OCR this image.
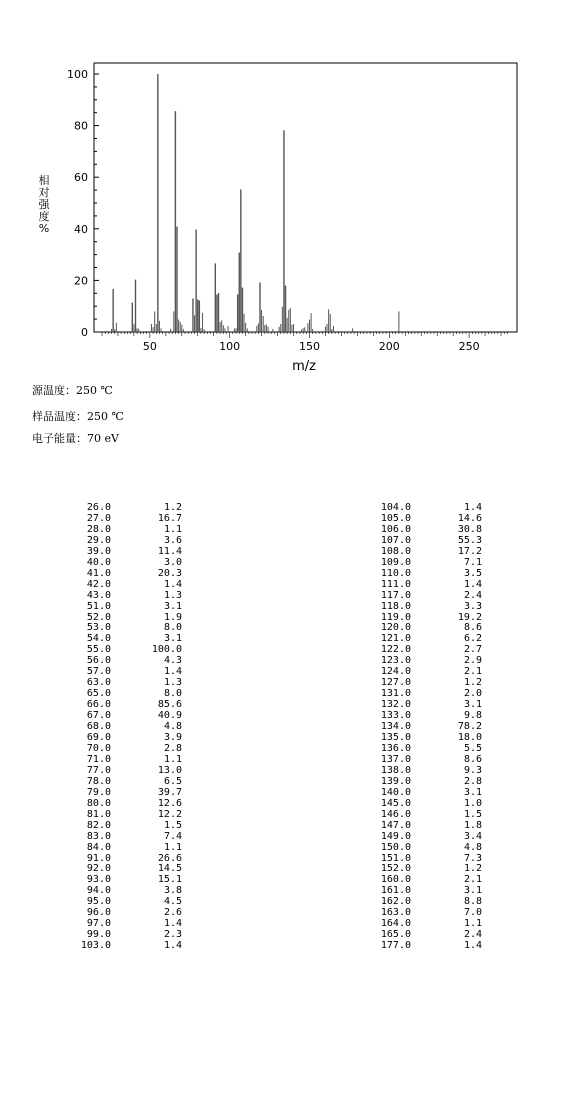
0
20
40
60
80
100
50	100	150	200	250
m/z
相对强度%
源温度：250 ℃
样品温度：250 ℃
电子能量：70 eV
26.0	1.2
27.0	16.7
28.0	1.1
29.0	3.6
39.0	11.4
40.0	3.0
41.0	20.3
42.0	1.4
43.0	1.3
51.0	3.1
52.0	1.9
53.0	8.0
54.0	3.1
55.0	100.0
56.0	4.3
57.0	1.4
63.0	1.3
65.0	8.0
66.0	85.6
67.0	40.9
68.0	4.8
69.0	3.9
70.0	2.8
71.0	1.1
77.0	13.0
78.0	6.5
79.0	39.7
80.0	12.6
81.0	12.2
82.0	1.5
83.0	7.4
84.0	1.1
91.0	26.6
92.0	14.5
93.0	15.1
94.0	3.8
95.0	4.5
96.0	2.6
97.0	1.4
99.0	2.3
103.0	1.4
104.0	1.4
105.0	14.6
106.0	30.8
107.0	55.3
108.0	17.2
109.0	7.1
110.0	3.5
111.0	1.4
117.0	2.4
118.0	3.3
119.0	19.2
120.0	8.6
121.0	6.2
122.0	2.7
123.0	2.9
124.0	2.1
127.0	1.2
131.0	2.0
132.0	3.1
133.0	9.8
134.0	78.2
135.0	18.0
136.0	5.5
137.0	8.6
138.0	9.3
139.0	2.8
140.0	3.1
145.0	1.0
146.0	1.5
147.0	1.8
149.0	3.4
150.0	4.8
151.0	7.3
152.0	1.2
160.0	2.1
161.0	3.1
162.0	8.8
163.0	7.0
164.0	1.1
165.0	2.4
177.0	1.4
